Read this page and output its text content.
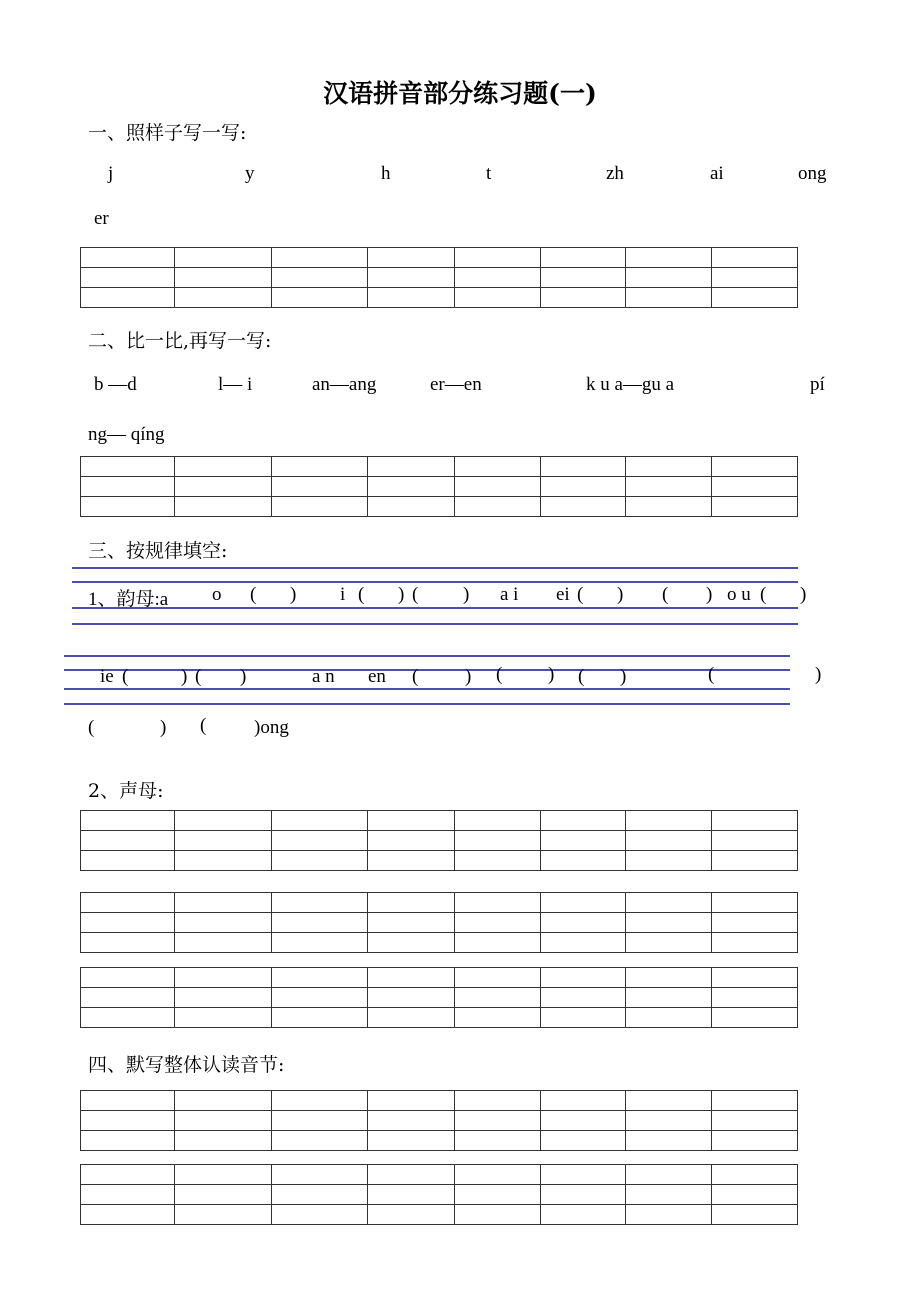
汉语拼音部分练习题(一)
一、照样子写一写:
j	y	h	t	zh	ai	ong
er

二、比一比,再写一写:
b —d	l— i	an—ang	er—en	k u a—gu a	pí
ng— qíng

三、按规律填空:
1、韵母:a o ( ) i ( ) ( ) a i ei ( ) ( ) o u ( )
ie (	) ( )	a n en ( ) ( ) ( )	(	)
(	) (	)ong
2、声母:

四、默写整体认读音节:
